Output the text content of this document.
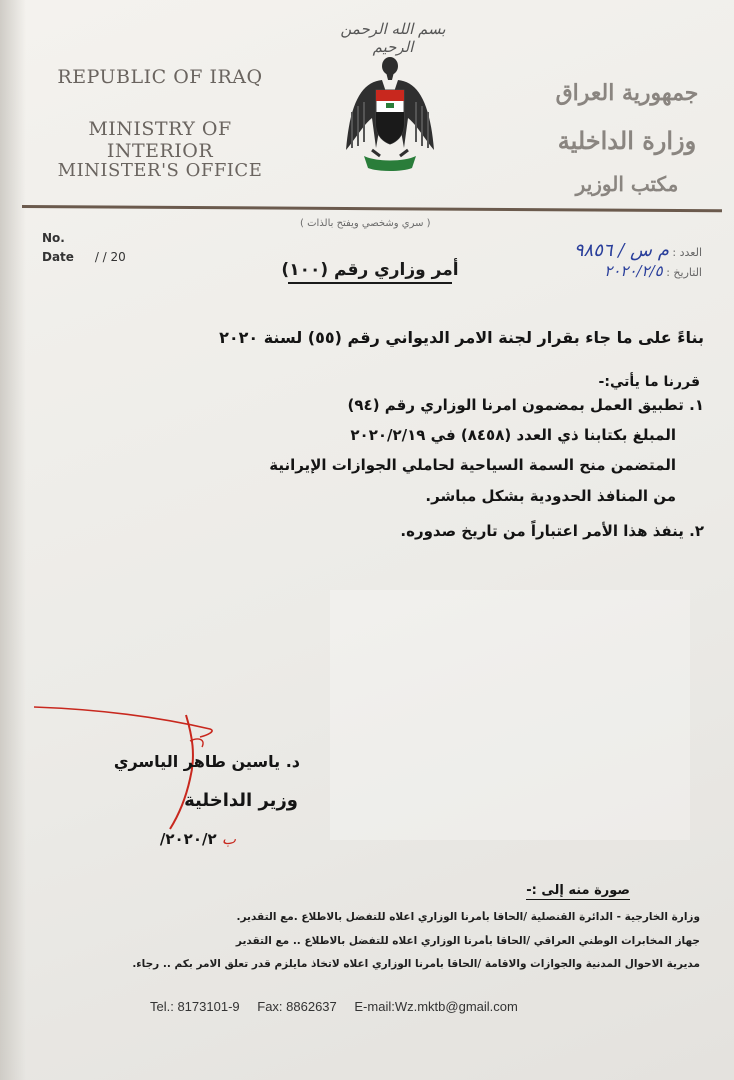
REPUBLIC OF IRAQ
MINISTRY OF INTERIOR
MINISTER'S OFFICE
بسم الله الرحمن الرحيم
جمهورية العراق
وزارة الداخلية
مكتب الوزير
( سري وشخصي ويفتح بالذات )
No.
Date / / 20	العدد : م س / ٩٨٥٦
التاريخ : ٢٠٢٠/٢/٥
أمر وزاري رقم (١٠٠)
بناءً على ما جاء بقرار لجنة الامر الديواني رقم (٥٥) لسنة ٢٠٢٠
قررنا ما يأتي:-
١. تطبيق العمل بمضمون امرنا الوزاري رقم (٩٤)
المبلغ بكتابنا ذي العدد (٨٤٥٨) في ٢٠٢٠/٢/١٩
المتضمن منح السمة السياحية لحاملي الجوازات الإيرانية
من المنافذ الحدودية بشكل مباشر.
٢. ينفذ هذا الأمر اعتباراً من تاريخ صدوره.
د. ياسين طاهر الياسري
وزير الداخلية
ب ٢٠٢٠/٢/
صورة منه إلى :-
وزارة الخارجية - الدائرة القنصلية /الحاقا بأمرنا الوزاري اعلاه للتفضل بالاطلاع .مع التقدير.
جهاز المخابرات الوطني العراقي /الحاقا بأمرنا الوزاري اعلاه للتفضل بالاطلاع .. مع التقدير
مديرية الاحوال المدنية والجوازات والاقامة /الحاقا بأمرنا الوزاري اعلاه لاتخاذ مايلزم قدر تعلق الامر بكم .. رجاء.
Tel.: 8173101-9 Fax: 8862637 E-mail:Wz.mktb@gmail.com
